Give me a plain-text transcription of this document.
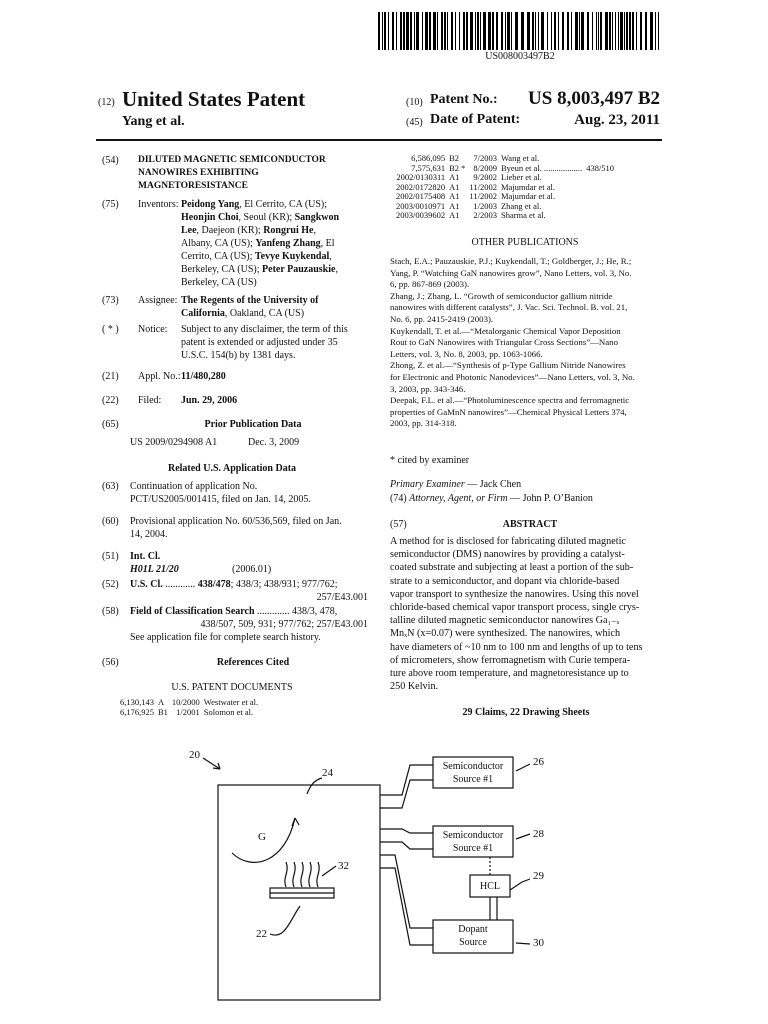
US008003497B2
(12) United States Patent
Yang et al.
(10) Patent No.: US 8,003,497 B2
(45) Date of Patent:	Aug. 23, 2011
(54) DILUTED MAGNETIC SEMICONDUCTOR
NANOWIRES EXHIBITING
MAGNETORESISTANCE
(75) Inventors: Peidong Yang, El Cerrito, CA (US);
Heonjin Choi, Seoul (KR); Sangkwon
Lee, Daejeon (KR); Rongrui He,
Albany, CA (US); Yanfeng Zhang, El
Cerrito, CA (US); Tevye Kuykendal,
Berkeley, CA (US); Peter Pauzauskie,
Berkeley, CA (US)
(73) Assignee: The Regents of the University of
California, Oakland, CA (US)
( * ) Notice: Subject to any disclaimer, the term of this
patent is extended or adjusted under 35
U.S.C. 154(b) by 1381 days.
(21) Appl. No.: 11/480,280
(22) Filed: Jun. 29, 2006
(65)	Prior Publication Data
US 2009/0294908 A1	Dec. 3, 2009
Related U.S. Application Data
(63) Continuation of application No.
PCT/US2005/001415, filed on Jan. 14, 2005.
(60) Provisional application No. 60/536,569, filed on Jan.
14, 2004.
(51) Int. Cl.
H01L 21/20	(2006.01)
(52) U.S. Cl. ............ 438/478; 438/3; 438/931; 977/762;
257/E43.001
(58) Field of Classification Search ............. 438/3, 478,
438/507, 509, 931; 977/762; 257/E43.001
See application file for complete search history.
(56)	References Cited
U.S. PATENT DOCUMENTS
6,130,143	A	10/2000	Westwater et al.
6,176,925	B1	1/2001	Solomon et al.
6,586,095	B2	7/2003	Wang et al.	
7,575,631	B2 *	8/2009	Byeun et al. ..................	438/510
2002/0130311	A1	9/2002	Lieber et al.	
2002/0172820	A1	11/2002	Majumdar et al.	
2002/0175408	A1	11/2002	Majumdar et al.	
2003/0010971	A1	1/2003	Zhang et al.	
2003/0039602	A1	2/2003	Sharma et al.	
OTHER PUBLICATIONS
Stach, E.A.; Pauzauskie, P.J.; Kuykendall, T.; Goldberger, J.; He, R.;
Yang, P. “Watching GaN nanowires grow”, Nano Letters, vol. 3, No.
6, pp. 867-869 (2003).
Zhang, J.; Zhang, L. “Growth of semiconductor gallium nitride
nanowires with different catalysts”, J. Vac. Sci. Technol. B. vol. 21,
No. 6, pp. 2415-2419 (2003).
Kuykendall, T. et al.—“Metalorganic Chemical Vapor Deposition
Rout to GaN Nanowires with Triangular Cross Sections”—Nano
Letters, vol. 3, No. 8, 2003, pp. 1063-1066.
Zhong, Z. et al.—“Synthesis of p-Type Gallium Nitride Nanowires
for Electronic and Photonic Nanodevices”—Nano Letters, vol. 3, No.
3, 2003, pp. 343-346.
Deepak, F.L. et al.—“Photoluminescence spectra and ferromagnetic
properties of GaMnN nanowires”—Chemical Physical Letters 374,
2003, pp. 314-318.
* cited by examiner
Primary Examiner — Jack Chen
(74) Attorney, Agent, or Firm — John P. O’Banion
(57)	ABSTRACT
A method for is disclosed for fabricating diluted magnetic
semiconductor (DMS) nanowires by providing a catalyst-
coated substrate and subjecting at least a portion of the sub-
strate to a semiconductor, and dopant via chloride-based
vapor transport to synthesize the nanowires. Using this novel
chloride-based chemical vapor transport process, single crys-
talline diluted magnetic semiconductor nanowires Ga₁₋ₓ
MnₓN (x=0.07) were synthesized. The nanowires, which
have diameters of ~10 nm to 100 nm and lengths of up to tens
of micrometers, show ferromagnetism with Curie tempera-
ture above room temperature, and magnetoresistance up to
250 Kelvin.
29 Claims, 22 Drawing Sheets
20
24
G
32
22
Semiconductor
Source #1
26
Semiconductor
Source #1
28
HCL
29
Dopant
Source	30
